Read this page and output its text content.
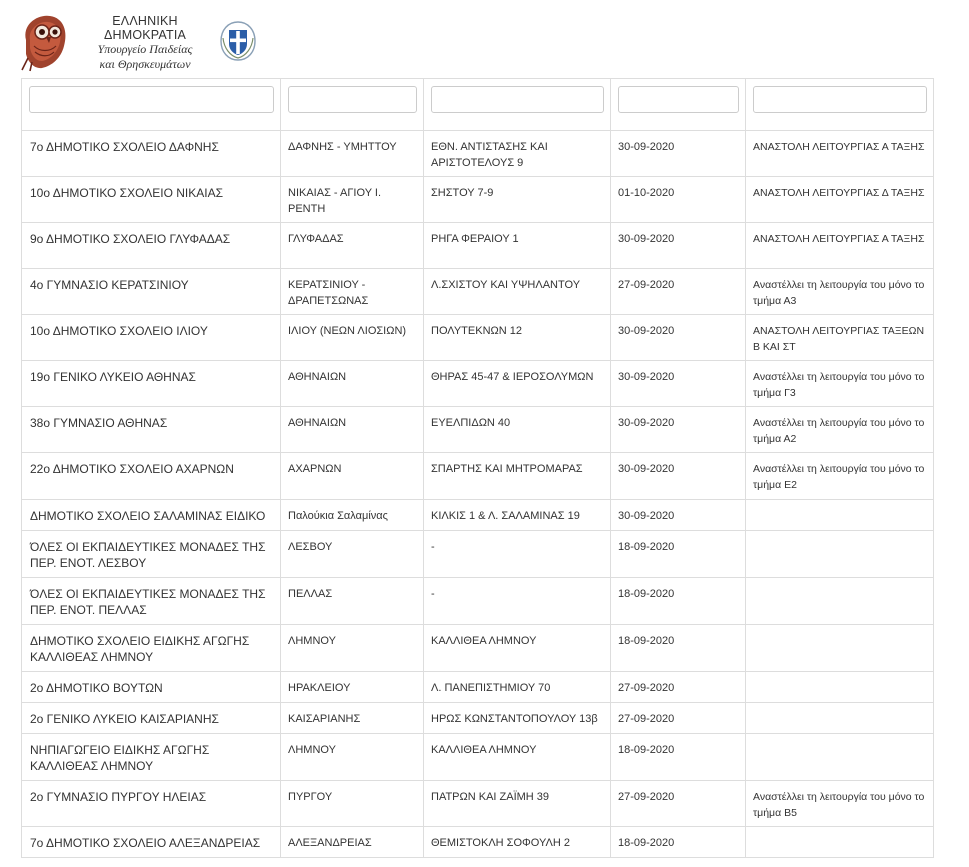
7ο ΔΗΜΟΤΙΚΟ ΣΧΟΛΕΙΟ ΔΑΦΝΗΣ	ΔΑΦΝΗΣ - ΥΜΗΤΤΟΥ	ΕΘΝ. ΑΝΤΙΣΤΑΣΗΣ ΚΑΙ ΑΡΙΣΤΟΤΕΛΟΥΣ 9	30-09-2020	ΑΝΑΣΤΟΛΗ ΛΕΙΤΟΥΡΓΙΑΣ Α ΤΑΞΗΣ
10ο ΔΗΜΟΤΙΚΟ ΣΧΟΛΕΙΟ ΝΙΚΑΙΑΣ	ΝΙΚΑΙΑΣ - ΑΓΙΟΥ Ι. ΡΕΝΤΗ	ΣΗΣΤΟΥ 7-9	01-10-2020	ΑΝΑΣΤΟΛΗ ΛΕΙΤΟΥΡΓΙΑΣ Δ ΤΑΞΗΣ
9ο ΔΗΜΟΤΙΚΟ ΣΧΟΛΕΙΟ ΓΛΥΦΑΔΑΣ	ΓΛΥΦΑΔΑΣ	ΡΗΓΑ ΦΕΡΑΙΟΥ 1	30-09-2020	ΑΝΑΣΤΟΛΗ ΛΕΙΤΟΥΡΓΙΑΣ Α ΤΑΞΗΣ
4ο ΓΥΜΝΑΣΙΟ ΚΕΡΑΤΣΙΝΙΟΥ	ΚΕΡΑΤΣΙΝΙΟΥ - ΔΡΑΠΕΤΣΩΝΑΣ	Λ.ΣΧΙΣΤΟΥ ΚΑΙ ΥΨΗΛΑΝΤΟΥ	27-09-2020	Αναστέλλει τη λειτουργία του μόνο το τμήμα Α3
10ο ΔΗΜΟΤΙΚΟ ΣΧΟΛΕΙΟ ΙΛΙΟΥ	ΙΛΙΟΥ (ΝΕΩΝ ΛΙΟΣΙΩΝ)	ΠΟΛΥΤΕΚΝΩΝ 12	30-09-2020	ΑΝΑΣΤΟΛΗ ΛΕΙΤΟΥΡΓΙΑΣ ΤΑΞΕΩΝ Β ΚΑΙ ΣΤ
19ο ΓΕΝΙΚΟ ΛΥΚΕΙΟ ΑΘΗΝΑΣ	ΑΘΗΝΑΙΩΝ	ΘΗΡΑΣ 45-47 & ΙΕΡΟΣΟΛΥΜΩΝ	30-09-2020	Αναστέλλει τη λειτουργία του μόνο το τμήμα Γ3
38ο ΓΥΜΝΑΣΙΟ ΑΘΗΝΑΣ	ΑΘΗΝΑΙΩΝ	ΕΥΕΛΠΙΔΩΝ 40	30-09-2020	Αναστέλλει τη λειτουργία του μόνο το τμήμα Α2
22ο ΔΗΜΟΤΙΚΟ ΣΧΟΛΕΙΟ ΑΧΑΡΝΩΝ	ΑΧΑΡΝΩΝ	ΣΠΑΡΤΗΣ ΚΑΙ ΜΗΤΡΟΜΑΡΑΣ	30-09-2020	Αναστέλλει τη λειτουργία του μόνο το τμήμα Ε2
ΔΗΜΟΤΙΚΟ ΣΧΟΛΕΙΟ ΣΑΛΑΜΙΝΑΣ ΕΙΔΙΚΟ	Παλούκια Σαλαμίνας	ΚΙΛΚΙΣ 1 & Λ. ΣΑΛΑΜΙΝΑΣ 19	30-09-2020	
ΌΛΕΣ ΟΙ ΕΚΠΑΙΔΕΥΤΙΚΕΣ ΜΟΝΑΔΕΣ ΤΗΣ ΠΕΡ. ΕΝΟΤ. ΛΕΣΒΟΥ	ΛΕΣΒΟΥ	-	18-09-2020	
ΌΛΕΣ ΟΙ ΕΚΠΑΙΔΕΥΤΙΚΕΣ ΜΟΝΑΔΕΣ ΤΗΣ ΠΕΡ. ΕΝΟΤ. ΠΕΛΛΑΣ	ΠΕΛΛΑΣ	-	18-09-2020	
ΔΗΜΟΤΙΚΟ ΣΧΟΛΕΙΟ ΕΙΔΙΚΗΣ ΑΓΩΓΗΣ ΚΑΛΛΙΘΕΑΣ ΛΗΜΝΟΥ	ΛΗΜΝΟΥ	ΚΑΛΛΙΘΕΑ ΛΗΜΝΟΥ	18-09-2020	
2ο ΔΗΜΟΤΙΚΟ ΒΟΥΤΩΝ	ΗΡΑΚΛΕΙΟΥ	Λ. ΠΑΝΕΠΙΣΤΗΜΙΟΥ 70	27-09-2020	
2ο ΓΕΝΙΚΟ ΛΥΚΕΙΟ ΚΑΙΣΑΡΙΑΝΗΣ	ΚΑΙΣΑΡΙΑΝΗΣ	ΗΡΩΣ ΚΩΝΣΤΑΝΤΟΠΟΥΛΟΥ 13β	27-09-2020	
ΝΗΠΙΑΓΩΓΕΙΟ ΕΙΔΙΚΗΣ ΑΓΩΓΗΣ ΚΑΛΛΙΘΕΑΣ ΛΗΜΝΟΥ	ΛΗΜΝΟΥ	ΚΑΛΛΙΘΕΑ ΛΗΜΝΟΥ	18-09-2020	
2ο ΓΥΜΝΑΣΙΟ ΠΥΡΓΟΥ ΗΛΕΙΑΣ	ΠΥΡΓΟΥ	ΠΑΤΡΩΝ ΚΑΙ ΖΑΪΜΗ 39	27-09-2020	Αναστέλλει τη λειτουργία του μόνο το τμήμα Β5
7ο ΔΗΜΟΤΙΚΟ ΣΧΟΛΕΙΟ ΑΛΕΞΑΝΔΡΕΙΑΣ	ΑΛΕΞΑΝΔΡΕΙΑΣ	ΘΕΜΙΣΤΟΚΛΗ ΣΟΦΟΥΛΗ 2	18-09-2020	
ΕΛΛΗΝΙΚΗ ΔΗΜΟΚΡΑΤΙΑ
Υπουργείο Παιδείας
και Θρησκευμάτων
